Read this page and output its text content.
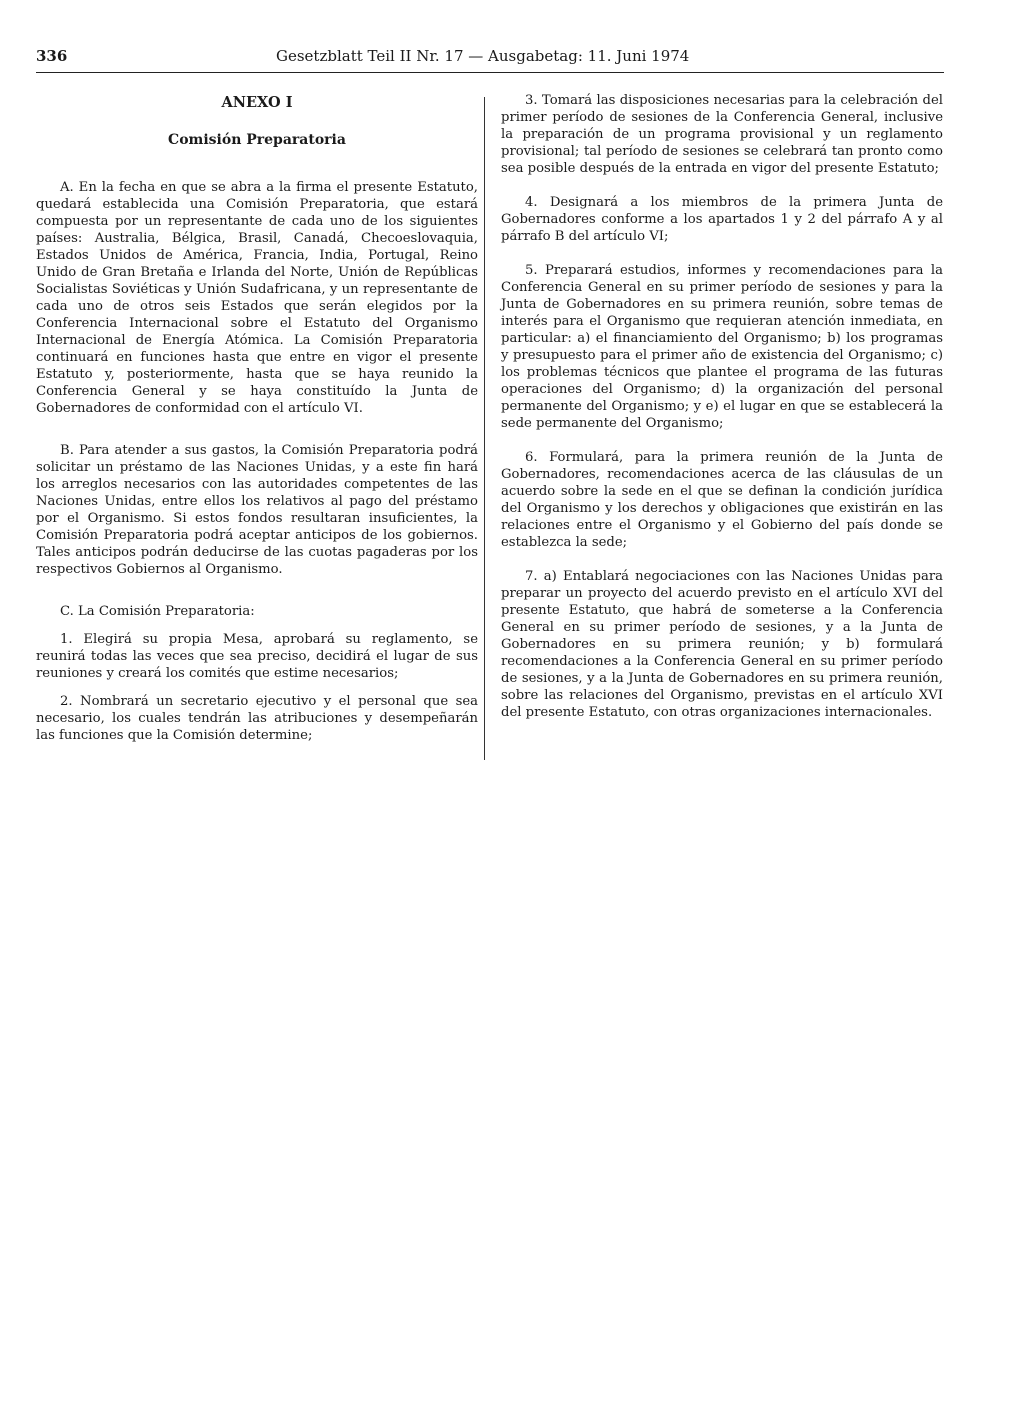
336	Gesetzblatt Teil II Nr. 17 — Ausgabetag: 11. Juni 1974
ANEXO I
Comisión Preparatoria

A. En la fecha en que se abra a la firma el presente Estatuto, quedará establecida una Comisión Preparatoria, que estará compuesta por un representante de cada uno de los siguientes países: Australia, Bélgica, Brasil, Canadá, Checoeslovaquia, Estados Unidos de América, Francia, India, Portugal, Reino Unido de Gran Bretaña e Irlanda del Norte, Unión de Repúblicas Socialistas Soviéticas y Unión Sudafricana, y un representante de cada uno de otros seis Estados que serán elegidos por la Conferencia Internacional sobre el Estatuto del Organismo Internacional de Energía Atómica. La Comisión Preparatoria continuará en funciones hasta que entre en vigor el presente Estatuto y, posteriormente, hasta que se haya reunido la Conferencia General y se haya constituído la Junta de Gobernadores de conformidad con el artículo VI.

B. Para atender a sus gastos, la Comisión Preparatoria podrá solicitar un préstamo de las Naciones Unidas, y a este fin hará los arreglos necesarios con las autoridades competentes de las Naciones Unidas, entre ellos los relativos al pago del préstamo por el Organismo. Si estos fondos resultaran insuficientes, la Comisión Preparatoria podrá aceptar anticipos de los gobiernos. Tales anticipos podrán deducirse de las cuotas pagaderas por los respectivos Gobiernos al Organismo.

C. La Comisión Preparatoria:

1. Elegirá su propia Mesa, aprobará su reglamento, se reunirá todas las veces que sea preciso, decidirá el lugar de sus reuniones y creará los comités que estime necesarios;

2. Nombrará un secretario ejecutivo y el personal que sea necesario, los cuales tendrán las atribuciones y desempeñarán las funciones que la Comisión determine;

3. Tomará las disposiciones necesarias para la celebración del primer período de sesiones de la Conferencia General, inclusive la preparación de un programa provisional y un reglamento provisional; tal período de sesiones se celebrará tan pronto como sea posible después de la entrada en vigor del presente Estatuto;

4. Designará a los miembros de la primera Junta de Gobernadores conforme a los apartados 1 y 2 del párrafo A y al párrafo B del artículo VI;

5. Preparará estudios, informes y recomendaciones para la Conferencia General en su primer período de sesiones y para la Junta de Gobernadores en su primera reunión, sobre temas de interés para el Organismo que requieran atención inmediata, en particular: a) el financiamiento del Organismo; b) los programas y presupuesto para el primer año de existencia del Organismo; c) los problemas técnicos que plantee el programa de las futuras operaciones del Organismo; d) la organización del personal permanente del Organismo; y e) el lugar en que se establecerá la sede permanente del Organismo;

6. Formulará, para la primera reunión de la Junta de Gobernadores, recomendaciones acerca de las cláusulas de un acuerdo sobre la sede en el que se definan la condición jurídica del Organismo y los derechos y obligaciones que existirán en las relaciones entre el Organismo y el Gobierno del país donde se establezca la sede;

7. a) Entablará negociaciones con las Naciones Unidas para preparar un proyecto del acuerdo previsto en el artículo XVI del presente Estatuto, que habrá de someterse a la Conferencia General en su primer período de sesiones, y a la Junta de Gobernadores en su primera reunión; y b) formulará recomendaciones a la Conferencia General en su primer período de sesiones, y a la Junta de Gobernadores en su primera reunión, sobre las relaciones del Organismo, previstas en el artículo XVI del presente Estatuto, con otras organizaciones internacionales.
